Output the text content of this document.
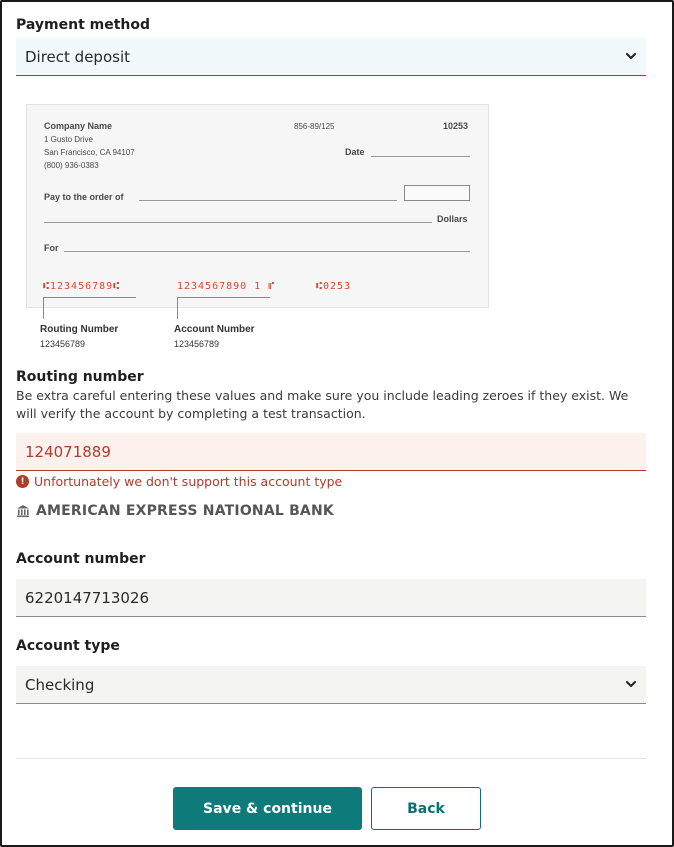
Payment method
Direct deposit
Company Name
1 Gusto Drive
San Francisco, CA 94107
(800) 936-0383
856-89/125	10253
Date
Pay to the order of
Dollars
For
⑆123456789⑆	1234567890 1 ⑈	⑆0253
Routing Number
123456789
Account Number
123456789
Routing number
Be extra careful entering these values and make sure you include leading zeroes if they exist. We will verify the account by completing a test transaction.
124071889
! Unfortunately we don't support this account type
AMERICAN EXPRESS NATIONAL BANK
Account number
6220147713026
Account type
Checking
Save & continue	Back
